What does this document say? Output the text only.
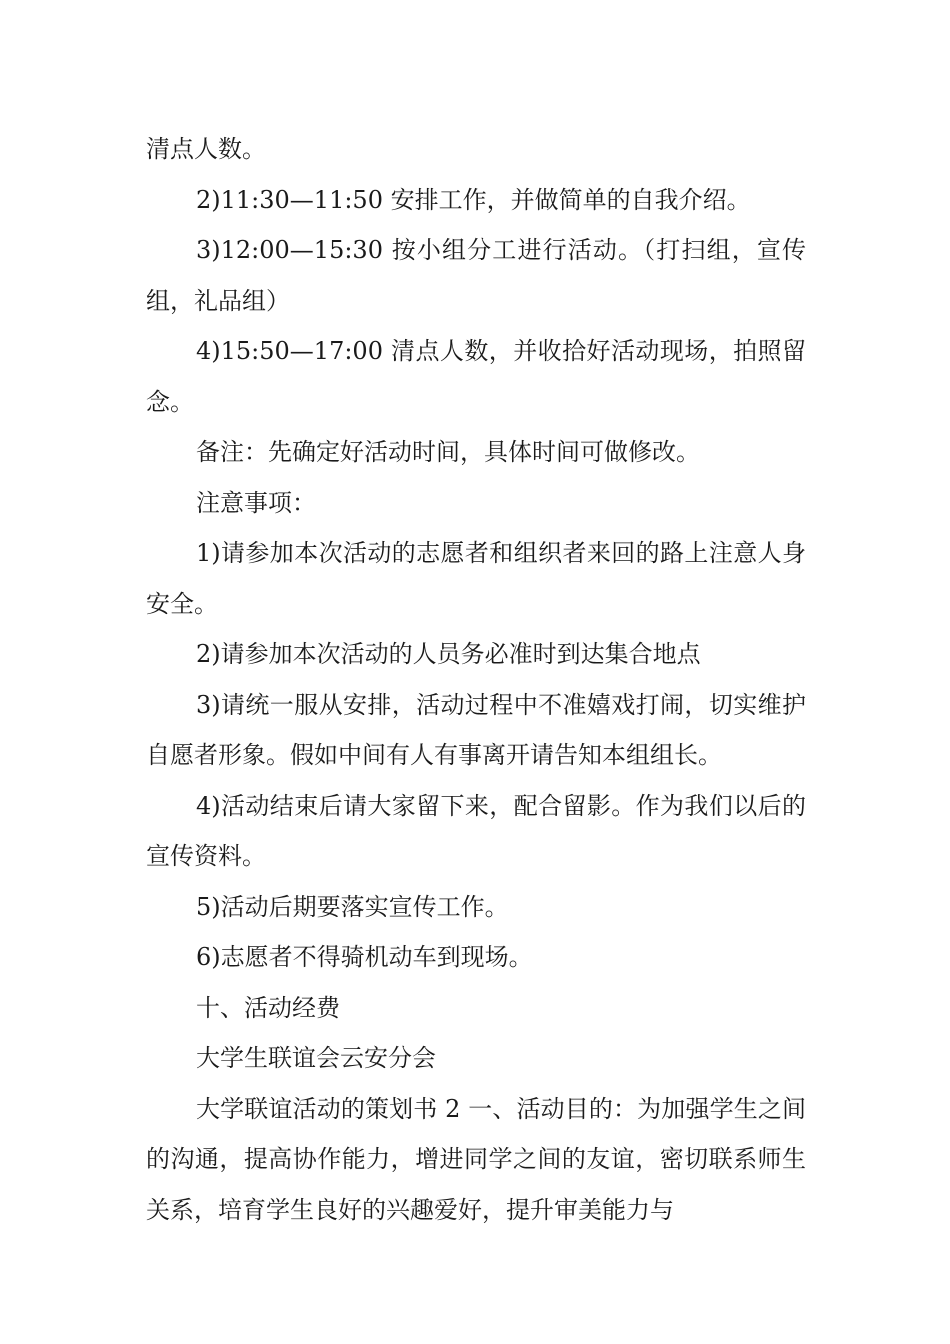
清点人数。

2)11:30—11:50 安排工作，并做简单的自我介绍。

3)12:00—15:30 按小组分工进行活动。（打扫组，宣传组，礼品组）

4)15:50—17:00 清点人数，并收拾好活动现场，拍照留念。

备注：先确定好活动时间，具体时间可做修改。

注意事项：

1)请参加本次活动的志愿者和组织者来回的路上注意人身安全。

2)请参加本次活动的人员务必准时到达集合地点

3)请统一服从安排，活动过程中不准嬉戏打闹，切实维护自愿者形象。假如中间有人有事离开请告知本组组长。

4)活动结束后请大家留下来，配合留影。作为我们以后的宣传资料。

5)活动后期要落实宣传工作。

6)志愿者不得骑机动车到现场。

十、活动经费

大学生联谊会云安分会

大学联谊活动的策划书 2 一、活动目的：为加强学生之间的沟通，提高协作能力，增进同学之间的友谊，密切联系师生关系，培育学生良好的兴趣爱好，提升审美能力与
